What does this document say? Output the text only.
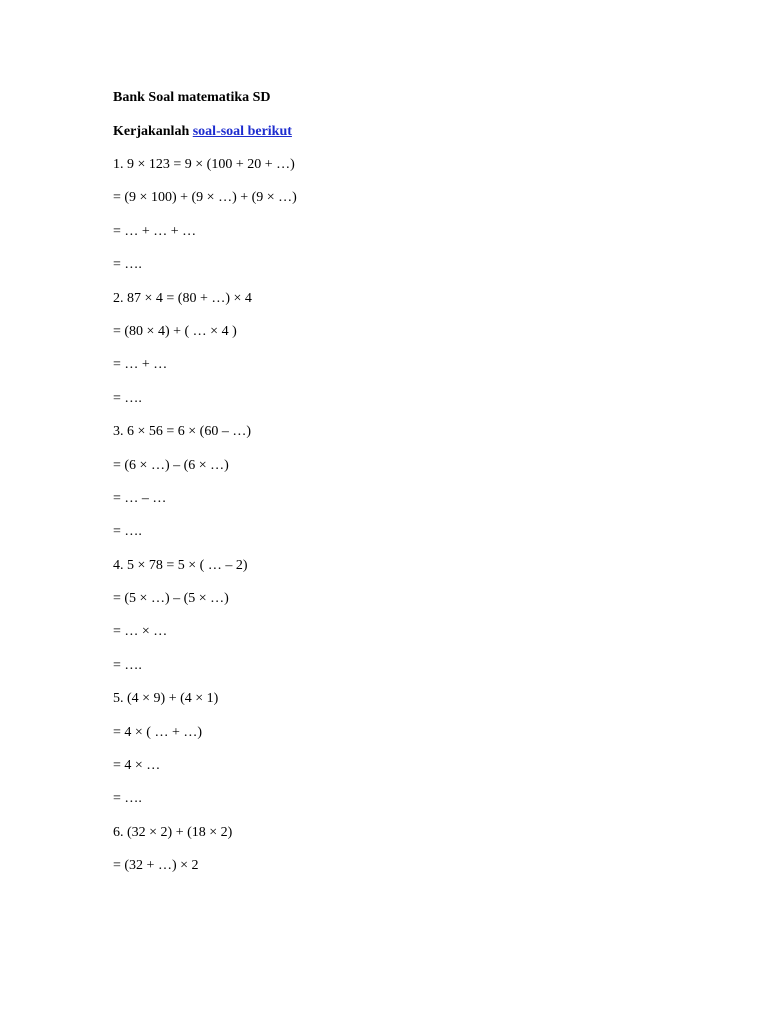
Bank Soal matematika SD
Kerjakanlah soal-soal berikut
1. 9 × 123 = 9 × (100 + 20 + …)
= (9 × 100) + (9 × …) + (9 × …)
= … + … + …
= ….
2. 87 × 4 = (80 + …) × 4
= (80 × 4) + ( … × 4 )
= … + …
= ….
3. 6 × 56 = 6 × (60 – …)
= (6 × …) – (6 × …)
= … – …
= ….
4. 5 × 78 = 5 × ( … – 2)
= (5 × …) – (5 × …)
= … × …
= ….
5. (4 × 9) + (4 × 1)
= 4 × ( … + …)
= 4 × …
= ….
6. (32 × 2) + (18 × 2)
= (32 + …) × 2
